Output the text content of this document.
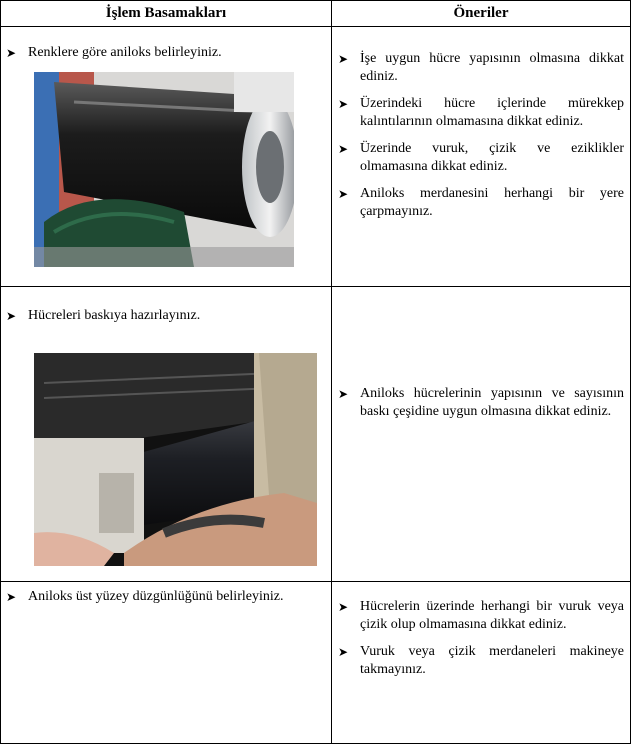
İşlem Basamakları	Öneriler
➤ Renklere göre aniloks belirleyiniz.	➤ İşe uygun hücre yapısının olmasına dikkat ediniz.
➤ Üzerindeki hücre içlerinde mürekkep kalıntılarının olmamasına dikkat ediniz.
➤ Üzerinde vuruk, çizik ve eziklikler olmamasına dikkat ediniz.
➤ Aniloks merdanesini herhangi bir yere çarpmayınız.
➤ Hücreleri baskıya hazırlayınız.
➤ Aniloks hücrelerinin yapısının ve sayısının baskı çeşidine uygun olmasına dikkat ediniz.
➤ Aniloks üst yüzey düzgünlüğünü belirleyiniz.
➤ Hücrelerin üzerinde herhangi bir vuruk veya çizik olup olmamasına dikkat ediniz.
➤ Vuruk veya çizik merdaneleri makineye takmayınız.
